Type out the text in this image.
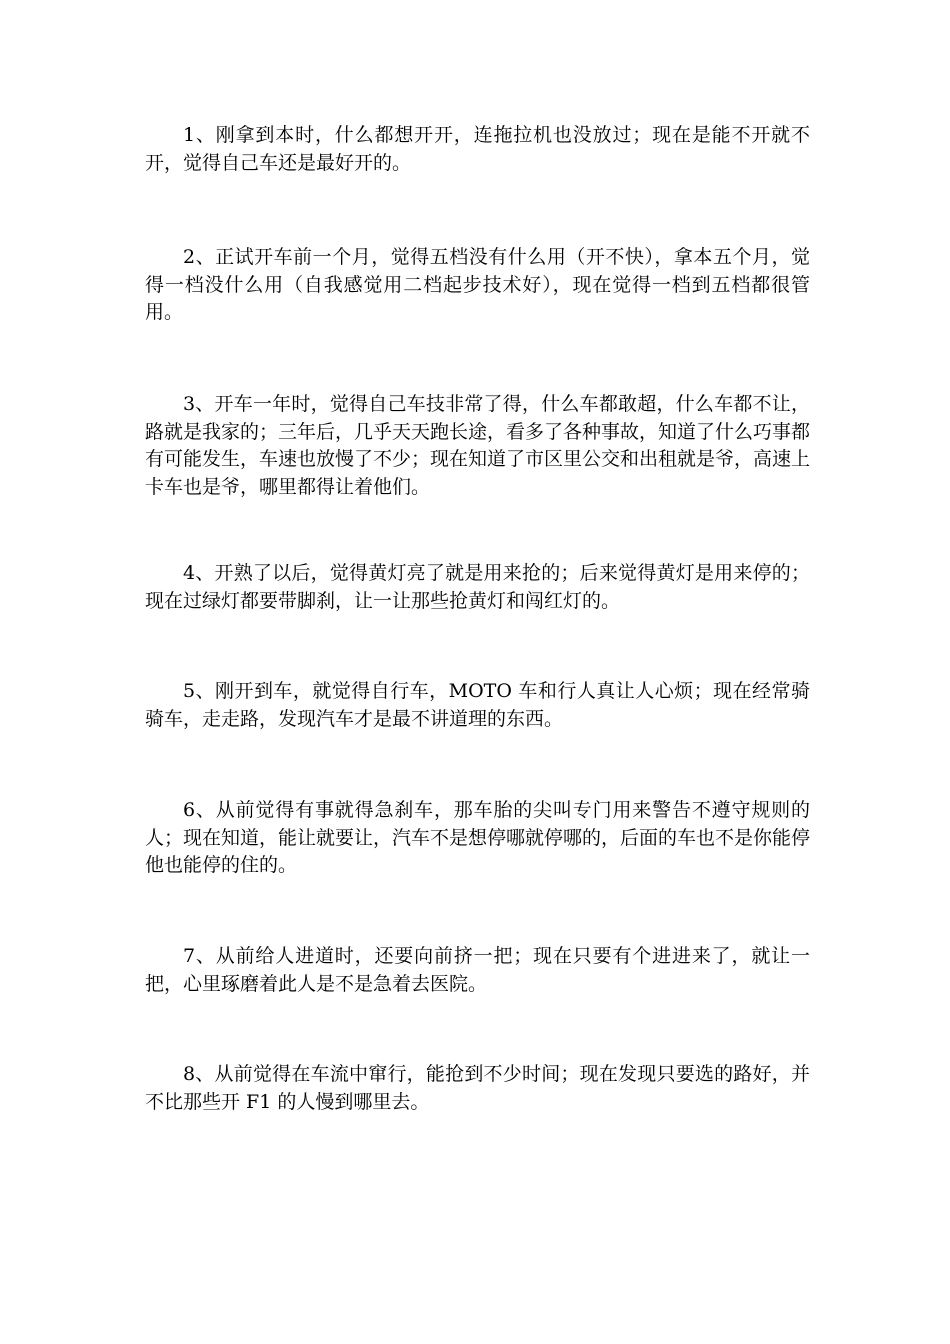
1、刚拿到本时，什么都想开开，连拖拉机也没放过；现在是能不开就不开，觉得自己车还是最好开的。

2、正试开车前一个月，觉得五档没有什么用（开不快），拿本五个月，觉得一档没什么用（自我感觉用二档起步技术好），现在觉得一档到五档都很管用。

3、开车一年时，觉得自己车技非常了得，什么车都敢超，什么车都不让，路就是我家的；三年后，几乎天天跑长途，看多了各种事故，知道了什么巧事都有可能发生，车速也放慢了不少；现在知道了市区里公交和出租就是爷，高速上卡车也是爷，哪里都得让着他们。

4、开熟了以后，觉得黄灯亮了就是用来抢的；后来觉得黄灯是用来停的；现在过绿灯都要带脚刹，让一让那些抢黄灯和闯红灯的。

5、刚开到车，就觉得自行车，MOTO 车和行人真让人心烦；现在经常骑骑车，走走路，发现汽车才是最不讲道理的东西。

6、从前觉得有事就得急刹车，那车胎的尖叫专门用来警告不遵守规则的人；现在知道，能让就要让，汽车不是想停哪就停哪的，后面的车也不是你能停他也能停的住的。

7、从前给人进道时，还要向前挤一把；现在只要有个进进来了，就让一把，心里琢磨着此人是不是急着去医院。

8、从前觉得在车流中窜行，能抢到不少时间；现在发现只要选的路好，并不比那些开 F1 的人慢到哪里去。
